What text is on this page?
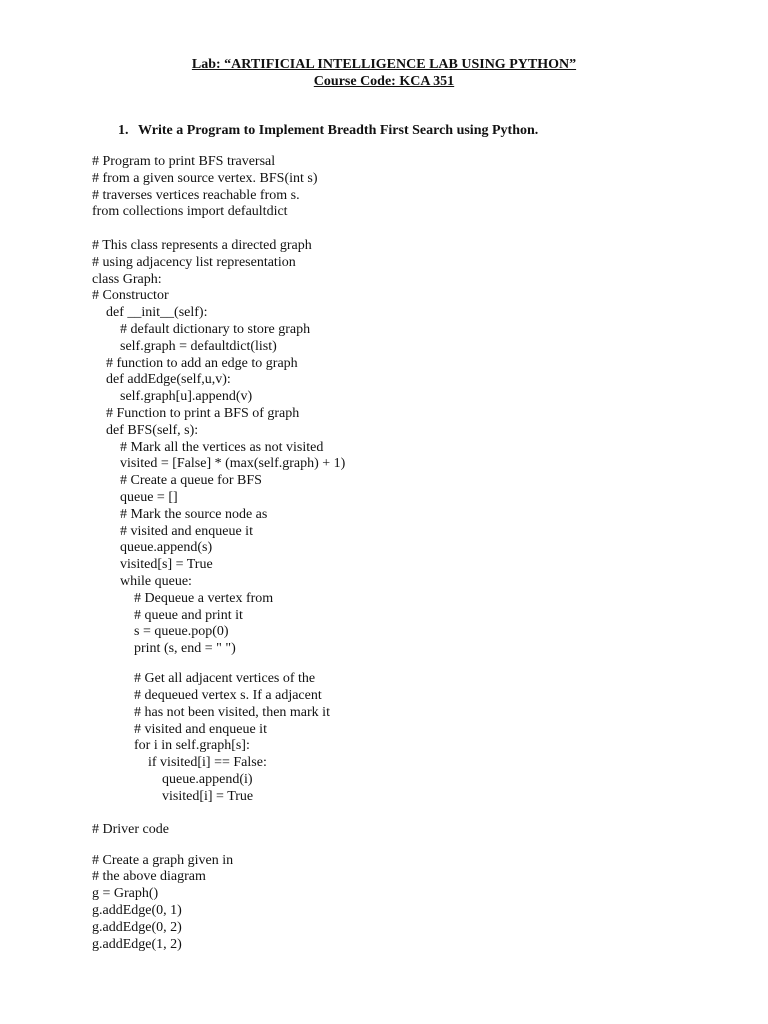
Lab: “ARTIFICIAL INTELLIGENCE LAB USING PYTHON”
Course Code: KCA 351
1. Write a Program to Implement Breadth First Search using Python.
# Program to print BFS traversal
# from a given source vertex. BFS(int s)
# traverses vertices reachable from s.
from collections import defaultdict
# This class represents a directed graph
# using adjacency list representation
class Graph:
# Constructor
def __init__(self):
# default dictionary to store graph
self.graph = defaultdict(list)
# function to add an edge to graph
def addEdge(self,u,v):
self.graph[u].append(v)
# Function to print a BFS of graph
def BFS(self, s):
# Mark all the vertices as not visited
visited = [False] * (max(self.graph) + 1)
# Create a queue for BFS
queue = []
# Mark the source node as
# visited and enqueue it
queue.append(s)
visited[s] = True
while queue:
# Dequeue a vertex from
# queue and print it
s = queue.pop(0)
print (s, end = " ")
# Get all adjacent vertices of the
# dequeued vertex s. If a adjacent
# has not been visited, then mark it
# visited and enqueue it
for i in self.graph[s]:
if visited[i] == False:
queue.append(i)
visited[i] = True
# Driver code
# Create a graph given in
# the above diagram
g = Graph()
g.addEdge(0, 1)
g.addEdge(0, 2)
g.addEdge(1, 2)
